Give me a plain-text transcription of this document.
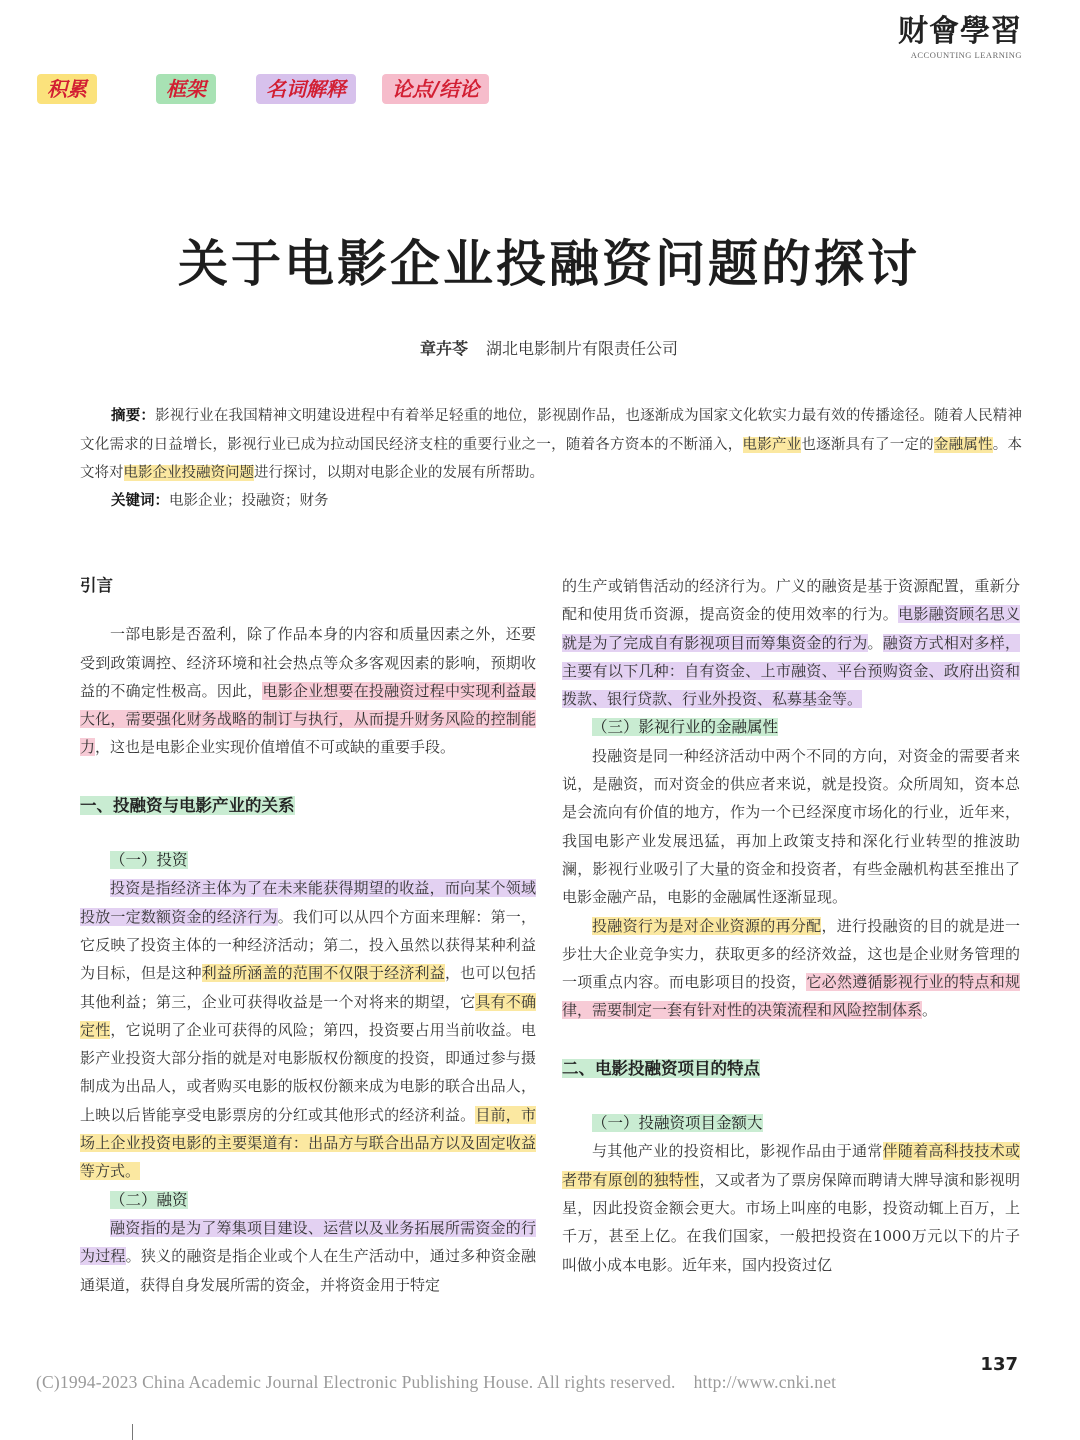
财會學習
ACCOUNTING LEARNING
积累	框架	名词解释	论点/结论
关于电影企业投融资问题的探讨
章卉苓 湖北电影制片有限责任公司
摘要：影视行业在我国精神文明建设进程中有着举足轻重的地位，影视剧作品，也逐渐成为国家文化软实力最有效的传播途径。随着人民精神文化需求的日益增长，影视行业已成为拉动国民经济支柱的重要行业之一，随着各方资本的不断涌入，电影产业也逐渐具有了一定的金融属性。本文将对电影企业投融资问题进行探讨，以期对电影企业的发展有所帮助。
关键词：电影企业；投融资；财务
引言

一部电影是否盈利，除了作品本身的内容和质量因素之外，还要受到政策调控、经济环境和社会热点等众多客观因素的影响，预期收益的不确定性极高。因此，电影企业想要在投融资过程中实现利益最大化，需要强化财务战略的制订与执行，从而提升财务风险的控制能力，这也是电影企业实现价值增值不可或缺的重要手段。

一、投融资与电影产业的关系
（一）投资

投资是指经济主体为了在未来能获得期望的收益，而向某个领域投放一定数额资金的经济行为。我们可以从四个方面来理解：第一，它反映了投资主体的一种经济活动；第二，投入虽然以获得某种利益为目标，但是这种利益所涵盖的范围不仅限于经济利益，也可以包括其他利益；第三，企业可获得收益是一个对将来的期望，它具有不确定性，它说明了企业可获得的风险；第四，投资要占用当前收益。电影产业投资大部分指的就是对电影版权份额度的投资，即通过参与摄制成为出品人，或者购买电影的版权份额来成为电影的联合出品人，上映以后皆能享受电影票房的分红或其他形式的经济利益。目前，市场上企业投资电影的主要渠道有：出品方与联合出品方以及固定收益等方式。

（二）融资

融资指的是为了筹集项目建设、运营以及业务拓展所需资金的行为过程。狭义的融资是指企业或个人在生产活动中，通过多种资金融通渠道，获得自身发展所需的资金，并将资金用于特定

的生产或销售活动的经济行为。广义的融资是基于资源配置，重新分配和使用货币资源，提高资金的使用效率的行为。电影融资顾名思义就是为了完成自有影视项目而筹集资金的行为。融资方式相对多样，主要有以下几种：自有资金、上市融资、平台预购资金、政府出资和拨款、银行贷款、行业外投资、私募基金等。

（三）影视行业的金融属性

投融资是同一种经济活动中两个不同的方向，对资金的需要者来说，是融资，而对资金的供应者来说，就是投资。众所周知，资本总是会流向有价值的地方，作为一个已经深度市场化的行业，近年来，我国电影产业发展迅猛，再加上政策支持和深化行业转型的推波助澜，影视行业吸引了大量的资金和投资者，有些金融机构甚至推出了电影金融产品，电影的金融属性逐渐显现。

投融资行为是对企业资源的再分配，进行投融资的目的就是进一步壮大企业竞争实力，获取更多的经济效益，这也是企业财务管理的一项重点内容。而电影项目的投资，它必然遵循影视行业的特点和规律，需要制定一套有针对性的决策流程和风险控制体系。

二、电影投融资项目的特点
（一）投融资项目金额大

与其他产业的投资相比，影视作品由于通常伴随着高科技技术或者带有原创的独特性，又或者为了票房保障而聘请大牌导演和影视明星，因此投资金额会更大。市场上叫座的电影，投资动辄上百万，上千万，甚至上亿。在我们国家，一般把投资在1000万元以下的片子叫做小成本电影。近年来，国内投资过亿

137
(C)1994-2023 China Academic Journal Electronic Publishing House. All rights reserved. http://www.cnki.net
